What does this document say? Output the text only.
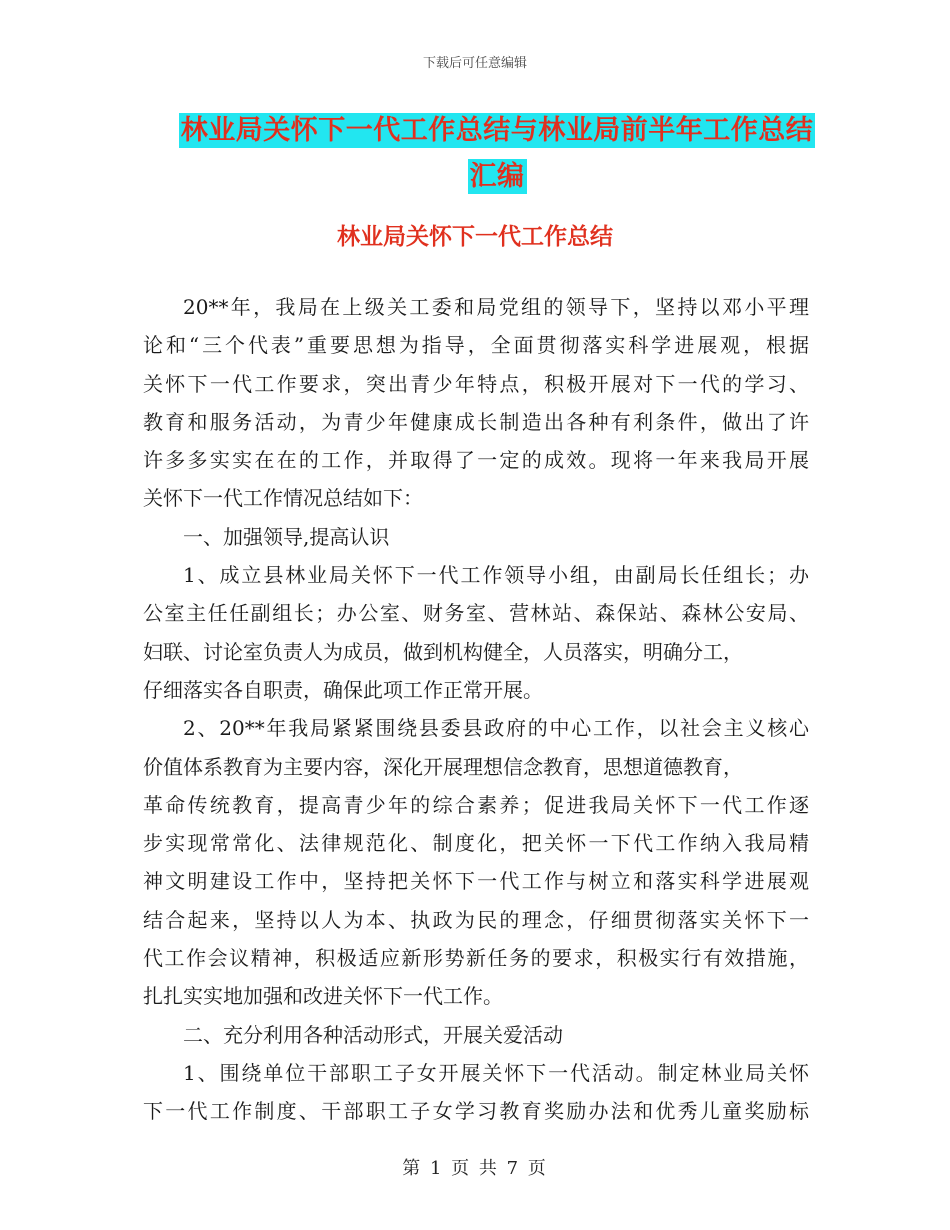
下载后可任意编辑
林业局关怀下一代工作总结与林业局前半年工作总结
汇编
林业局关怀下一代工作总结
20**年，我局在上级关工委和局党组的领导下，坚持以邓小平理
论和“三个代表”重要思想为指导，全面贯彻落实科学进展观，根据
关怀下一代工作要求，突出青少年特点，积极开展对下一代的学习、
教育和服务活动，为青少年健康成长制造出各种有利条件，做出了许
许多多实实在在的工作，并取得了一定的成效。现将一年来我局开展
关怀下一代工作情况总结如下：
一、加强领导,提高认识
1、成立县林业局关怀下一代工作领导小组，由副局长任组长；办
公室主任任副组长；办公室、财务室、营林站、森保站、森林公安局、
妇联、讨论室负责人为成员，做到机构健全，人员落实，明确分工，
仔细落实各自职责，确保此项工作正常开展。
2、20**年我局紧紧围绕县委县政府的中心工作，以社会主义核心
价值体系教育为主要内容，深化开展理想信念教育，思想道德教育，
革命传统教育，提高青少年的综合素养；促进我局关怀下一代工作逐
步实现常常化、法律规范化、制度化，把关怀一下代工作纳入我局精
神文明建设工作中，坚持把关怀下一代工作与树立和落实科学进展观
结合起来，坚持以人为本、执政为民的理念，仔细贯彻落实关怀下一
代工作会议精神，积极适应新形势新任务的要求，积极实行有效措施，
扎扎实实地加强和改进关怀下一代工作。
二、充分利用各种活动形式，开展关爱活动
1、围绕单位干部职工子女开展关怀下一代活动。制定林业局关怀
下一代工作制度、干部职工子女学习教育奖励办法和优秀儿童奖励标
第 1 页 共 7 页
